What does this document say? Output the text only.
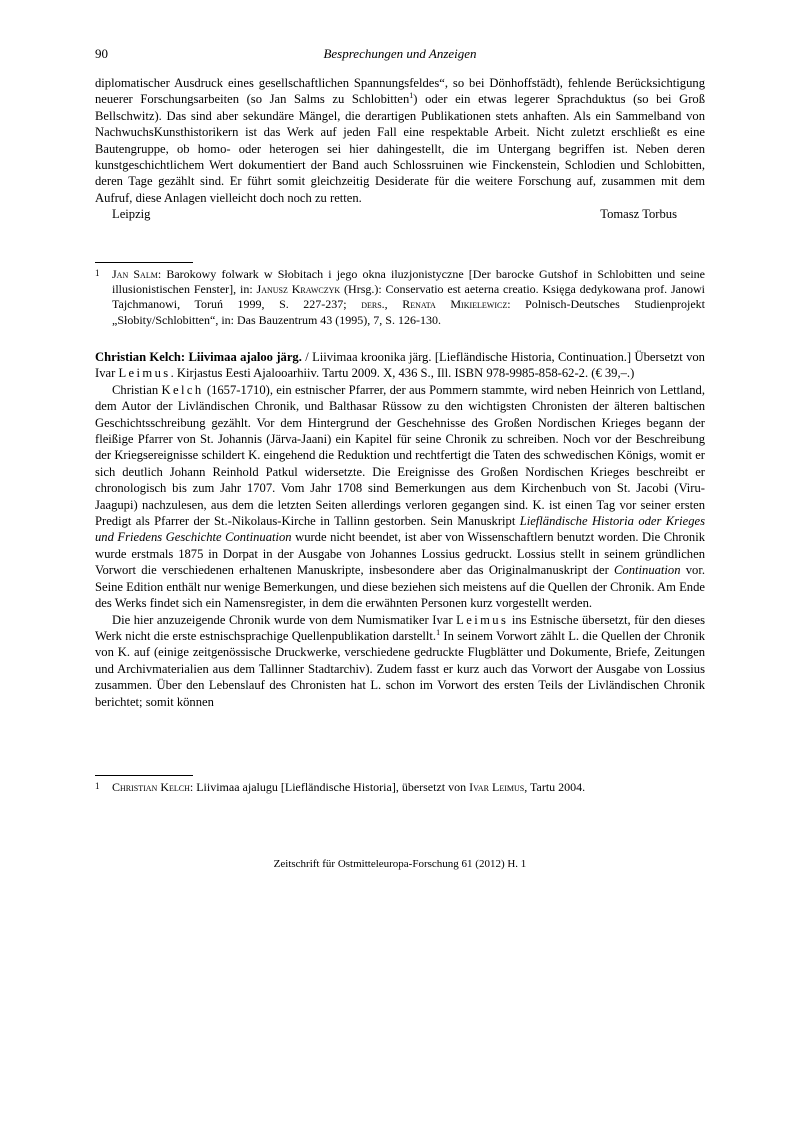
90	Besprechungen und Anzeigen

diplomatischer Ausdruck eines gesellschaftlichen Spannungsfeldes“, so bei Dönhoffstädt), fehlende Berücksichtigung neuerer Forschungsarbeiten (so Jan Salms zu Schlobitten$^1$) oder ein etwas legerer Sprachduktus (so bei Groß Bellschwitz). Das sind aber sekundäre Mängel, die derartigen Publikationen stets anhaften. Als ein Sammelband von NachwuchsKunsthistorikern ist das Werk auf jeden Fall eine respektable Arbeit. Nicht zuletzt erschließt es eine Bautengruppe, ob homo- oder heterogen sei hier dahingestellt, die im Untergang begriffen ist. Neben deren kunstgeschichtlichem Wert dokumentiert der Band auch Schlossruinen wie Finckenstein, Schlodien und Schlobitten, deren Tage gezählt sind. Er führt somit gleichzeitig Desiderate für die weitere Forschung auf, zusammen mit dem Aufruf, diese Anlagen vielleicht doch noch zu retten.

Leipzig	Tomasz Torbus
1	Jan Salm: Barokowy folwark w Słobitach i jego okna iluzjonistyczne [Der barocke Gutshof in Schlobitten und seine illusionistischen Fenster], in: Janusz Krawczyk (Hrsg.): Conservatio est aeterna creatio. Księga dedykowana prof. Janowi Tajchmanowi, Toruń 1999, S. 227-237; ders., Renata Mikielewicz: Polnisch-Deutsches Studienprojekt „Słobity/Schlobitten“, in: Das Bauzentrum 43 (1995), 7, S. 126-130.

Christian Kelch: Liivimaa ajaloo järg. / Liivimaa kroonika järg. [Liefländische Historia, Continuation.] Übersetzt von Ivar Leimus. Kirjastus Eesti Ajalooarhiiv. Tartu 2009. X, 436 S., Ill. ISBN 978-9985-858-62-2. (€ 39,–.)

Christian Kelch (1657-1710), ein estnischer Pfarrer, der aus Pommern stammte, wird neben Heinrich von Lettland, dem Autor der Livländischen Chronik, und Balthasar Rüssow zu den wichtigsten Chronisten der älteren baltischen Geschichtsschreibung gezählt. Vor dem Hintergrund der Geschehnisse des Großen Nordischen Krieges begann der fleißige Pfarrer von St. Johannis (Järva-Jaani) ein Kapitel für seine Chronik zu schreiben. Noch vor der Beschreibung der Kriegsereignisse schildert K. eingehend die Reduktion und rechtfertigt die Taten des schwedischen Königs, womit er sich deutlich Johann Reinhold Patkul widersetzte. Die Ereignisse des Großen Nordischen Krieges beschreibt er chronologisch bis zum Jahr 1707. Vom Jahr 1708 sind Bemerkungen aus dem Kirchenbuch von St. Jacobi (Viru-Jaagupi) nachzulesen, aus dem die letzten Seiten allerdings verloren gegangen sind. K. ist einen Tag vor seiner ersten Predigt als Pfarrer der St.-Nikolaus-Kirche in Tallinn gestorben. Sein Manuskript Liefländische Historia oder Krieges und Friedens Geschichte Continuation wurde nicht beendet, ist aber von Wissenschaftlern benutzt worden. Die Chronik wurde erstmals 1875 in Dorpat in der Ausgabe von Johannes Lossius gedruckt. Lossius stellt in seinem gründlichen Vorwort die verschiedenen erhaltenen Manuskripte, insbesondere aber das Originalmanuskript der Continuation vor. Seine Edition enthält nur wenige Bemerkungen, und diese beziehen sich meistens auf die Quellen der Chronik. Am Ende des Werks findet sich ein Namensregister, in dem die erwähnten Personen kurz vorgestellt werden.

Die hier anzuzeigende Chronik wurde von dem Numismatiker Ivar Leimus ins Estnische übersetzt, für den dieses Werk nicht die erste estnischsprachige Quellenpublikation darstellt.$^1$ In seinem Vorwort zählt L. die Quellen der Chronik von K. auf (einige zeitgenössische Druckwerke, verschiedene gedruckte Flugblätter und Dokumente, Briefe, Zeitungen und Archivmaterialien aus dem Tallinner Stadtarchiv). Zudem fasst er kurz auch das Vorwort der Ausgabe von Lossius zusammen. Über den Lebenslauf des Chronisten hat L. schon im Vorwort des ersten Teils der Livländischen Chronik berichtet; somit können

1	Christian Kelch: Liivimaa ajalugu [Liefländische Historia], übersetzt von Ivar Leimus, Tartu 2004.
Zeitschrift für Ostmitteleuropa-Forschung 61 (2012) H. 1
